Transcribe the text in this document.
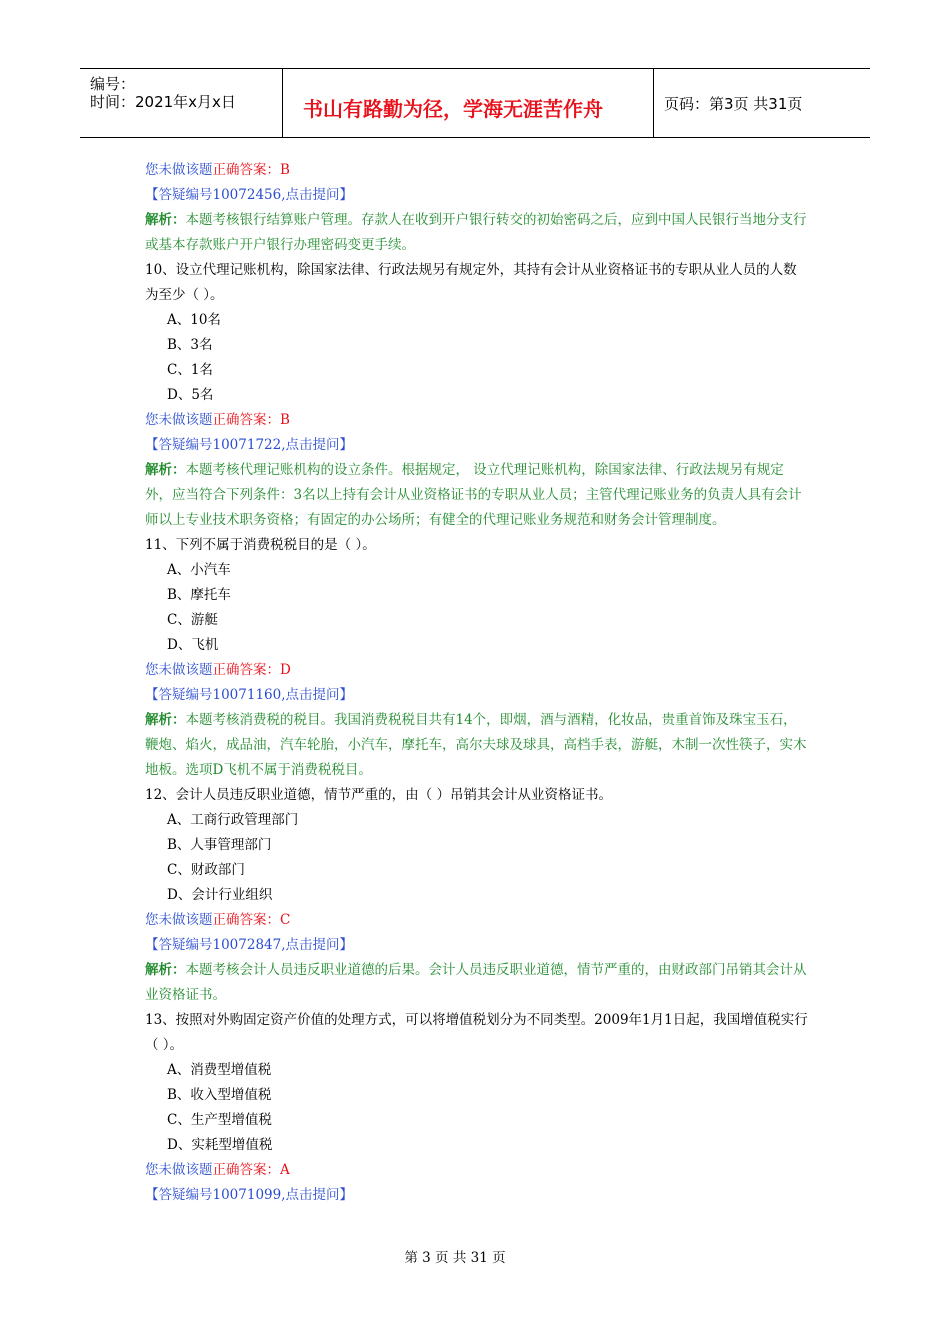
编号：
时间：2021年x月x日	书山有路勤为径，学海无涯苦作舟	页码：第3页 共31页
您未做该题正确答案：B
【答疑编号10072456,点击提问】
解析：本题考核银行结算账户管理。存款人在收到开户银行转交的初始密码之后，应到中国人民银行当地分支行或基本存款账户开户银行办理密码变更手续。
10、设立代理记账机构，除国家法律、行政法规另有规定外，其持有会计从业资格证书的专职从业人员的人数为至少（ ）。
A、10名
B、3名
C、1名
D、5名
您未做该题正确答案：B
【答疑编号10071722,点击提问】
解析：本题考核代理记账机构的设立条件。根据规定， 设立代理记账机构，除国家法律、行政法规另有规定外，应当符合下列条件：3名以上持有会计从业资格证书的专职从业人员；主管代理记账业务的负责人具有会计师以上专业技术职务资格；有固定的办公场所；有健全的代理记账业务规范和财务会计管理制度。
11、下列不属于消费税税目的是（ ）。
A、小汽车
B、摩托车
C、游艇
D、飞机
您未做该题正确答案：D
【答疑编号10071160,点击提问】
解析：本题考核消费税的税目。我国消费税税目共有14个，即烟，酒与酒精，化妆品，贵重首饰及珠宝玉石，鞭炮、焰火，成品油，汽车轮胎，小汽车，摩托车，高尔夫球及球具，高档手表，游艇，木制一次性筷子，实木地板。选项D飞机不属于消费税税目。
12、会计人员违反职业道德，情节严重的，由（ ）吊销其会计从业资格证书。
A、工商行政管理部门
B、人事管理部门
C、财政部门
D、会计行业组织
您未做该题正确答案：C
【答疑编号10072847,点击提问】
解析：本题考核会计人员违反职业道德的后果。会计人员违反职业道德，情节严重的，由财政部门吊销其会计从业资格证书。
13、按照对外购固定资产价值的处理方式，可以将增值税划分为不同类型。2009年1月1日起，我国增值税实行（ ）。
A、消费型增值税
B、收入型增值税
C、生产型增值税
D、实耗型增值税
您未做该题正确答案：A
【答疑编号10071099,点击提问】
第 3 页 共 31 页
